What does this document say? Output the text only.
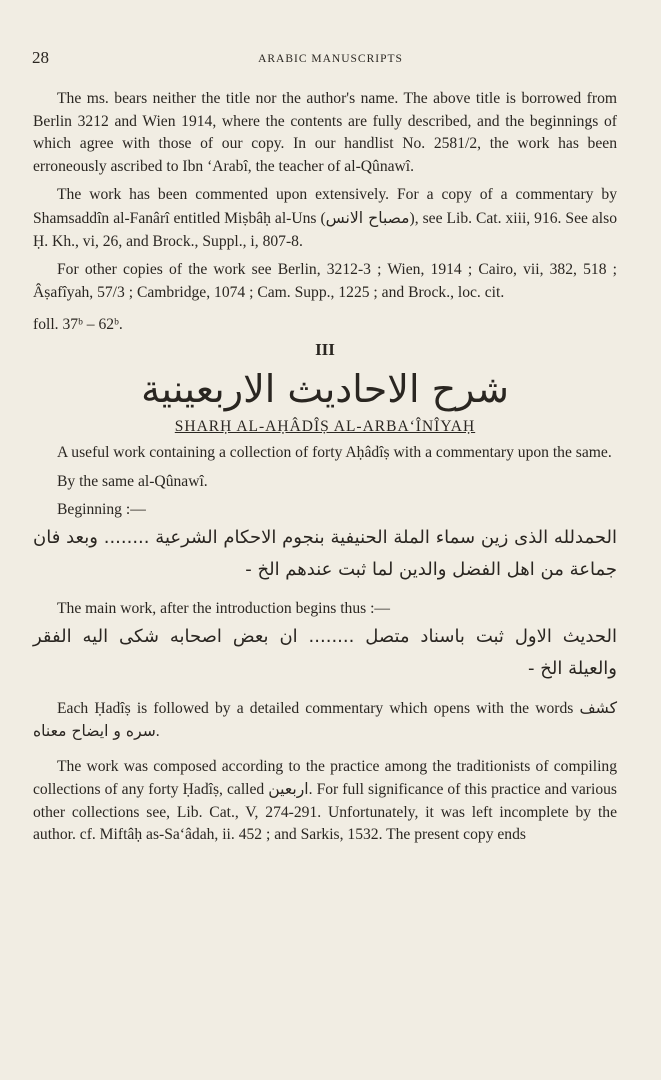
28	ARABIC MANUSCRIPTS

The ms. bears neither the title nor the author's name. The above title is borrowed from Berlin 3212 and Wien 1914, where the contents are fully described, and the beginnings of which agree with those of our copy. In our handlist No. 2581/2, the work has been erroneously ascribed to Ibn ‘Arabî, the teacher of al-Qûnawî.

The work has been commented upon extensively. For a copy of a commentary by Shamsaddîn al-Fanârî entitled Miṣbâḥ al-Uns (مصباح الانس), see Lib. Cat. xiii, 916. See also Ḥ. Kh., vi, 26, and Brock., Suppl., i, 807-8.

For other copies of the work see Berlin, 3212-3 ; Wien, 1914 ; Cairo, vii, 382, 518 ; Âṣafîyah, 57/3 ; Cambridge, 1074 ; Cam. Supp., 1225 ; and Brock., loc. cit.

foll. 37ᵇ – 62ᵇ.

III
شرح الاحاديث الاربعينية
SHARḤ AL-AḤÂDÎṢ AL-ARBA‘ÎNÎYAḤ

A useful work containing a collection of forty Aḥâdîṣ with a commentary upon the same.

By the same al-Qûnawî.

Beginning :—

الحمدلله الذى زين سماء الملة الحنيفية بنجوم الاحكام الشرعية ........ وبعد فان
جماعة من اهل الفضل والدين لما ثبت عندهم الخ -

The main work, after the introduction begins thus :—

الحديث الاول ثبت باسناد متصل ........ ان بعض اصحابه شكى اليه الفقر
والعيلة الخ -

Each Ḥadîṣ is followed by a detailed commentary which opens with the words كشف سره و ايضاح معناه.

The work was composed according to the practice among the traditionists of compiling collections of any forty Ḥadîṣ, called اربعين. For full significance of this practice and various other collections see, Lib. Cat., V, 274-291. Unfortunately, it was left incomplete by the author. cf. Miftâḥ as-Sa‘âdah, ii. 452 ; and Sarkis, 1532. The present copy ends
